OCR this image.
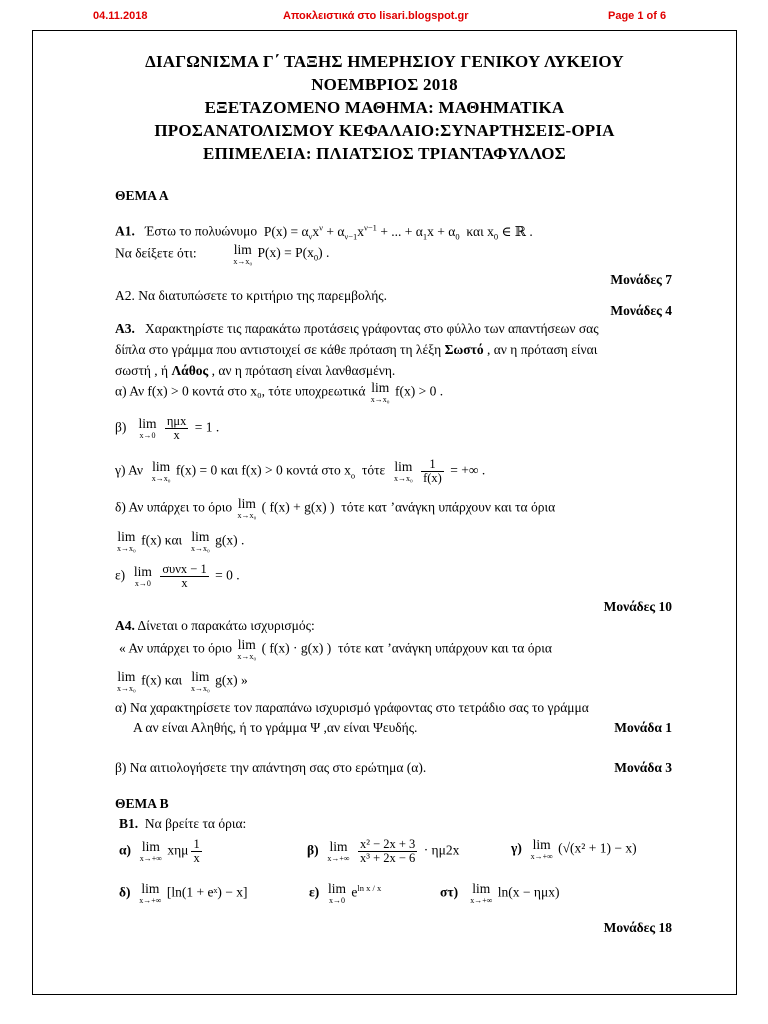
04.11.2018	Αποκλειστικά στο lisari.blogspot.gr	Page 1 of 6
ΔΙΑΓΩΝΙΣΜΑ Γ΄ ΤΑΞΗΣ ΗΜΕΡΗΣΙΟΥ ΓΕΝΙΚΟΥ ΛΥΚΕΙΟΥ
ΝΟΕΜΒΡΙΟΣ 2018
ΕΞΕΤΑΖΟΜΕΝΟ ΜΑΘΗΜΑ: ΜΑΘΗΜΑΤΙΚΑ
ΠΡΟΣΑΝΑΤΟΛΙΣΜΟΥ ΚΕΦΑΛΑΙΟ:ΣΥΝΑΡΤΗΣΕΙΣ-ΟΡΙΑ
ΕΠΙΜΕΛΕΙΑ: ΠΛΙΑΤΣΙΟΣ ΤΡΙΑΝΤΑΦΥΛΛΟΣ
ΘΕΜΑ Α
Α1. Έστω το πολυώνυμο $P(x) = \alpha_\nu x^\nu + \alpha_{\nu-1}x^{\nu-1}$ + ... + $\alpha_1x + \alpha_0$ και $x_0$ ∈ ℝ .
Να δείξετε ότι:	lim
x→x₀
$P(x) = P(x_0)$ .
Μονάδες 7
Α2. Να διατυπώσετε το κριτήριο της παρεμβολής.
Μονάδες 4
Α3. Χαρακτηρίστε τις παρακάτω προτάσεις γράφοντας στο φύλλο των απαντήσεων σας
δίπλα στο γράμμα που αντιστοιχεί σε κάθε πρόταση τη λέξη Σωστό , αν η πρόταση είναι
σωστή , ή Λάθος , αν η πρόταση είναι λανθασμένη.
α) Αν f(x) > 0 κοντά στο x₀, τότε υποχρεωτικά lim
x→x₀
f(x) > 0 .
β) lim
x→0
$\frac{\text{ημx}}{x} = 1$ .
γ) Αν lim
x→x₀
f(x) = 0 και f(x) > 0 κοντά στο $x_o$ τότε lim
x→x₀
$\frac{1}{f(x)}$ = +∞ .
δ) Αν υπάρχει το όριο lim
x→x₀
( f(x) + g(x) ) τότε κατ ’ανάγκη υπάρχουν και τα όρια
lim
x→x₀
f(x) και lim
x→x₀
g(x) .
ε) lim
x→0
$\frac{\text{συνx − 1}}{x} = 0$ .
Μονάδες 10
Α4. Δίνεται ο παρακάτω ισχυρισμός:
« Αν υπάρχει το όριο lim
x→x₀
( f(x) · g(x) ) τότε κατ ’ανάγκη υπάρχουν και τα όρια
lim
x→x₀
f(x) και lim
x→x₀
g(x) »
α) Να χαρακτηρίσετε τον παραπάνω ισχυρισμό γράφοντας στο τετράδιο σας το γράμμα
Α αν είναι Αληθής, ή το γράμμα Ψ ,αν είναι Ψευδής.	Μονάδα 1
β) Να αιτιολογήσετε την απάντηση σας στο ερώτημα (α).	Μονάδα 3
ΘΕΜΑ Β
Β1. Να βρείτε τα όρια:
α) lim
x→+∞
xημ $\frac{1}{x}$	β) lim
x→+∞
$\frac{\text{x² − 2x + 3}}{\text{x³ + 2x − 6}} \cdot \eta\mu 2x$	γ) lim
x→+∞
(√(x² + 1) − x)
δ) lim
x→+∞
[ln(1 + eˣ) − x]	ε) lim
x→0
$e^{ln x / x}$	στ) lim
x→+∞
ln(x − ημx)
Μονάδες 18
